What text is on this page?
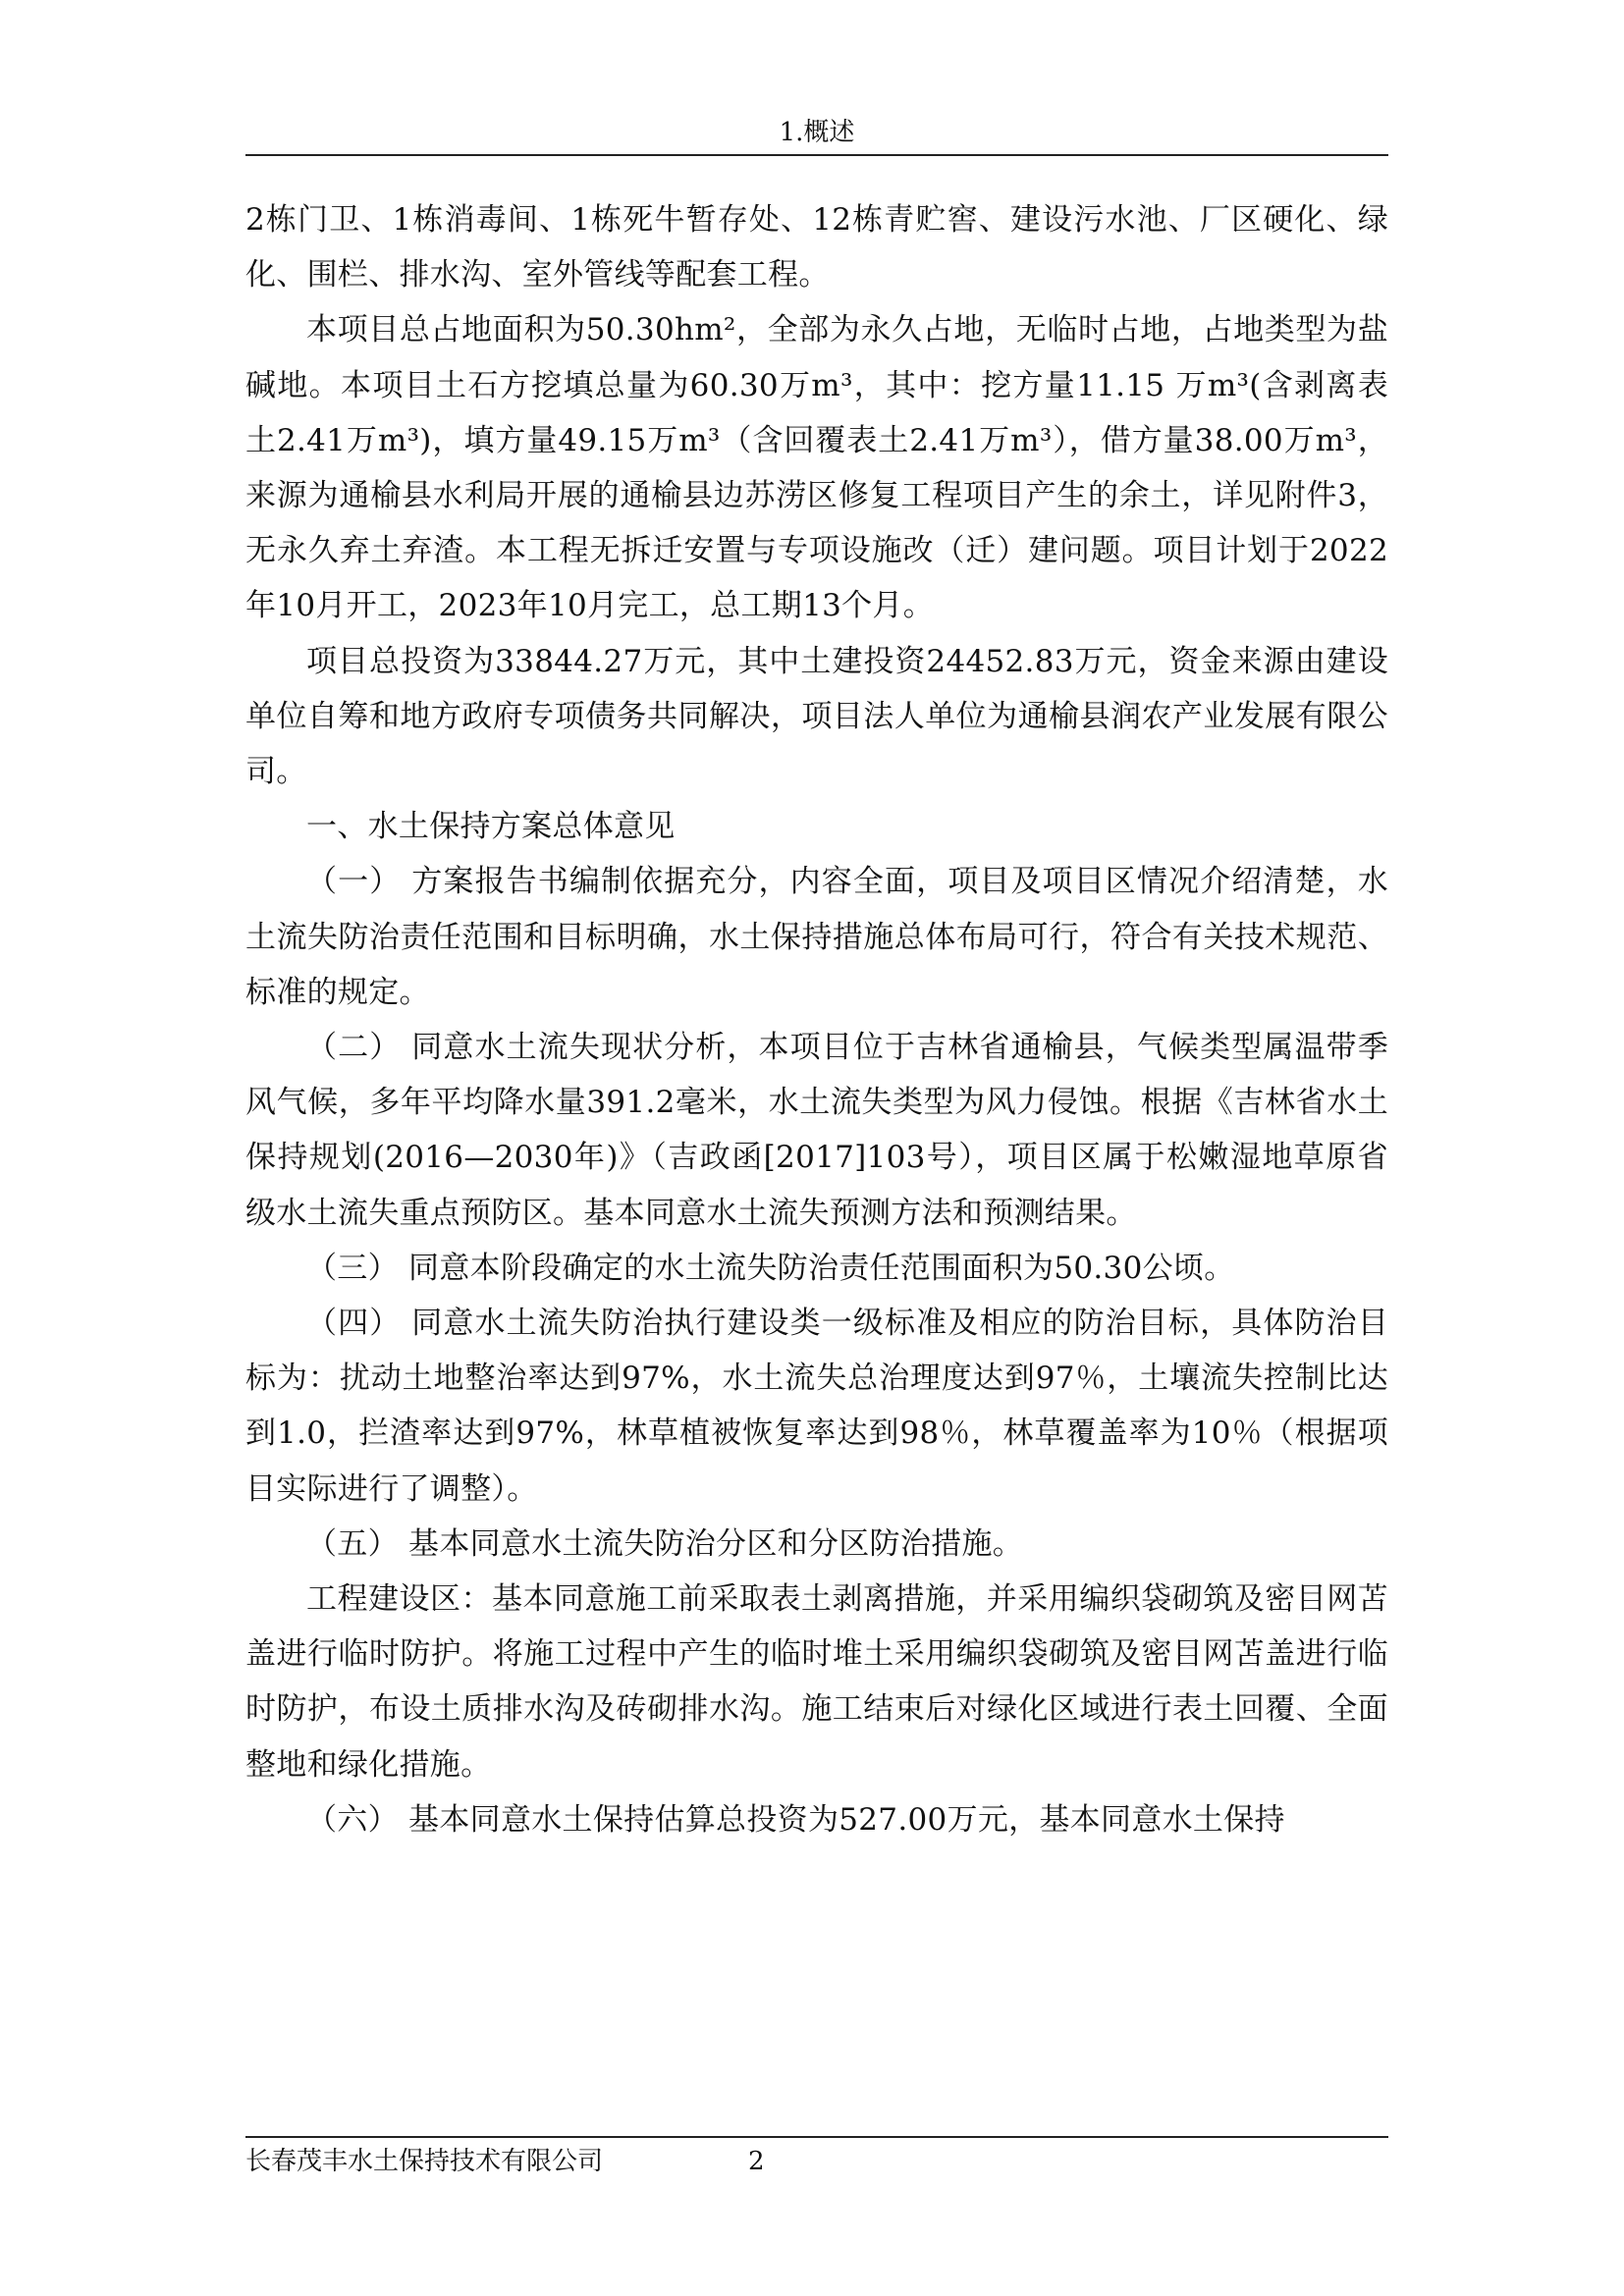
1.概述

2栋门卫、1栋消毒间、1栋死牛暂存处、12栋青贮窖、建设污水池、厂区硬化、绿化、围栏、排水沟、室外管线等配套工程。

本项目总占地面积为50.30hm²，全部为永久占地，无临时占地，占地类型为盐碱地。本项目土石方挖填总量为60.30万m³，其中：挖方量11.15 万m³(含剥离表土2.41万m³)，填方量49.15万m³（含回覆表土2.41万m³），借方量38.00万m³，来源为通榆县水利局开展的通榆县边苏涝区修复工程项目产生的余土，详见附件3，无永久弃土弃渣。本工程无拆迁安置与专项设施改（迁）建问题。项目计划于2022年10月开工，2023年10月完工，总工期13个月。

项目总投资为33844.27万元，其中土建投资24452.83万元，资金来源由建设单位自筹和地方政府专项债务共同解决，项目法人单位为通榆县润农产业发展有限公司。

一、水土保持方案总体意见

（一） 方案报告书编制依据充分，内容全面，项目及项目区情况介绍清楚，水土流失防治责任范围和目标明确，水土保持措施总体布局可行，符合有关技术规范、标准的规定。

（二） 同意水土流失现状分析，本项目位于吉林省通榆县，气候类型属温带季风气候，多年平均降水量391.2毫米，水土流失类型为风力侵蚀。根据《吉林省水土保持规划(2016—2030年)》（吉政函[2017]103号），项目区属于松嫩湿地草原省级水土流失重点预防区。基本同意水土流失预测方法和预测结果。

（三） 同意本阶段确定的水土流失防治责任范围面积为50.30公顷。

（四） 同意水土流失防治执行建设类一级标准及相应的防治目标，具体防治目标为：扰动土地整治率达到97%，水土流失总治理度达到97％，土壤流失控制比达到1.0，拦渣率达到97%，林草植被恢复率达到98％，林草覆盖率为10％（根据项目实际进行了调整）。

（五） 基本同意水土流失防治分区和分区防治措施。

工程建设区：基本同意施工前采取表土剥离措施，并采用编织袋砌筑及密目网苫盖进行临时防护。将施工过程中产生的临时堆土采用编织袋砌筑及密目网苫盖进行临时防护，布设土质排水沟及砖砌排水沟。施工结束后对绿化区域进行表土回覆、全面整地和绿化措施。

（六） 基本同意水土保持估算总投资为527.00万元，基本同意水土保持

长春茂丰水土保持技术有限公司	2
